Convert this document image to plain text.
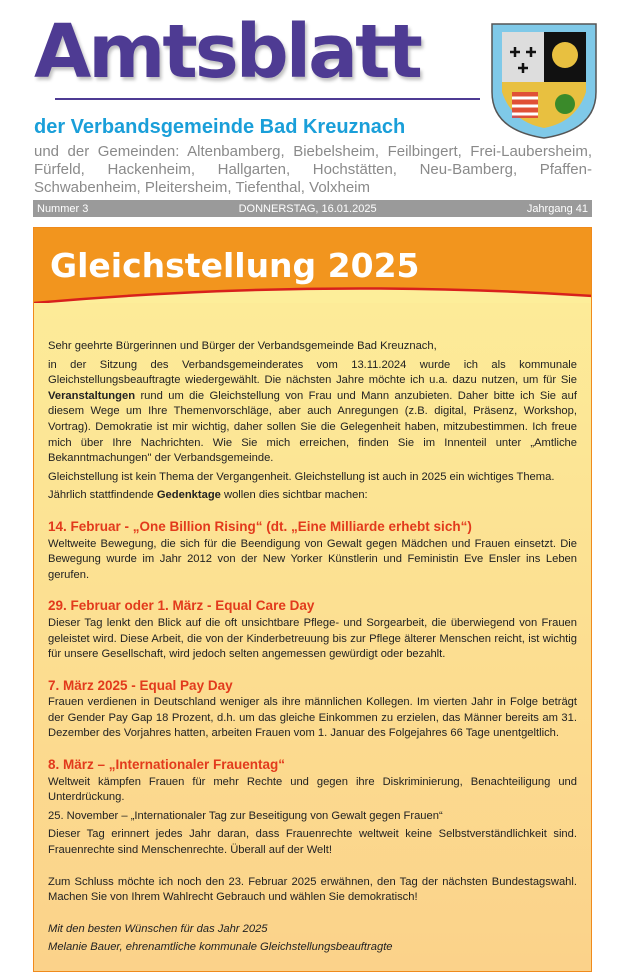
Amtsblatt
der Verbandsgemeinde Bad Kreuznach
und der Gemeinden: Altenbamberg, Biebelsheim, Feilbingert, Frei-Laubersheim, Fürfeld, Hackenheim, Hallgarten, Hochstätten, Neu-Bamberg, Pfaffen-Schwabenheim, Pleitersheim, Tiefenthal, Volxheim
Nummer 3	DONNERSTAG, 16.01.2025	Jahrgang 41
Gleichstellung 2025

Sehr geehrte Bürgerinnen und Bürger der Verbandsgemeinde Bad Kreuznach,

in der Sitzung des Verbandsgemeinderates vom 13.11.2024 wurde ich als kommunale Gleichstellungsbeauftragte wiedergewählt. Die nächsten Jahre möchte ich u.a. dazu nutzen, um für Sie Veranstaltungen rund um die Gleichstellung von Frau und Mann anzubieten. Daher bitte ich Sie auf diesem Wege um Ihre Themenvorschläge, aber auch Anregungen (z.B. digital, Präsenz, Workshop, Vortrag). Demokratie ist mir wichtig, daher sollen Sie die Gelegenheit haben, mitzubestimmen. Ich freue mich über Ihre Nachrichten. Wie Sie mich erreichen, finden Sie im Innenteil unter „Amtliche Bekanntmachungen" der Verbandsgemeinde.

Gleichstellung ist kein Thema der Vergangenheit. Gleichstellung ist auch in 2025 ein wichtiges Thema.

Jährlich stattfindende Gedenktage wollen dies sichtbar machen:

14. Februar - „One Billion Rising“ (dt. „Eine Milliarde erhebt sich“)

Weltweite Bewegung, die sich für die Beendigung von Gewalt gegen Mädchen und Frauen einsetzt. Die Bewegung wurde im Jahr 2012 von der New Yorker Künstlerin und Feministin Eve Ensler ins Leben gerufen.

29. Februar oder 1. März - Equal Care Day

Dieser Tag lenkt den Blick auf die oft unsichtbare Pflege- und Sorgearbeit, die überwiegend von Frauen geleistet wird. Diese Arbeit, die von der Kinderbetreuung bis zur Pflege älterer Menschen reicht, ist wichtig für unsere Gesellschaft, wird jedoch selten angemessen gewürdigt oder bezahlt.

7. März 2025 - Equal Pay Day

Frauen verdienen in Deutschland weniger als ihre männlichen Kollegen. Im vierten Jahr in Folge beträgt der Gender Pay Gap 18 Prozent, d.h. um das gleiche Einkommen zu erzielen, das Männer bereits am 31. Dezember des Vorjahres hatten, arbeiten Frauen vom 1. Januar des Folgejahres 66 Tage unentgeltlich.

8. März – „Internationaler Frauentag“

Weltweit kämpfen Frauen für mehr Rechte und gegen ihre Diskriminierung, Benachteiligung und Unterdrückung.

25. November – „Internationaler Tag zur Beseitigung von Gewalt gegen Frauen“

Dieser Tag erinnert jedes Jahr daran, dass Frauenrechte weltweit keine Selbstverständlichkeit sind. Frauenrechte sind Menschenrechte. Überall auf der Welt!

Zum Schluss möchte ich noch den 23. Februar 2025 erwähnen, den Tag der nächsten Bundestagswahl. Machen Sie von Ihrem Wahlrecht Gebrauch und wählen Sie demokratisch!

Mit den besten Wünschen für das Jahr 2025

Melanie Bauer, ehrenamtliche kommunale Gleichstellungsbeauftragte
